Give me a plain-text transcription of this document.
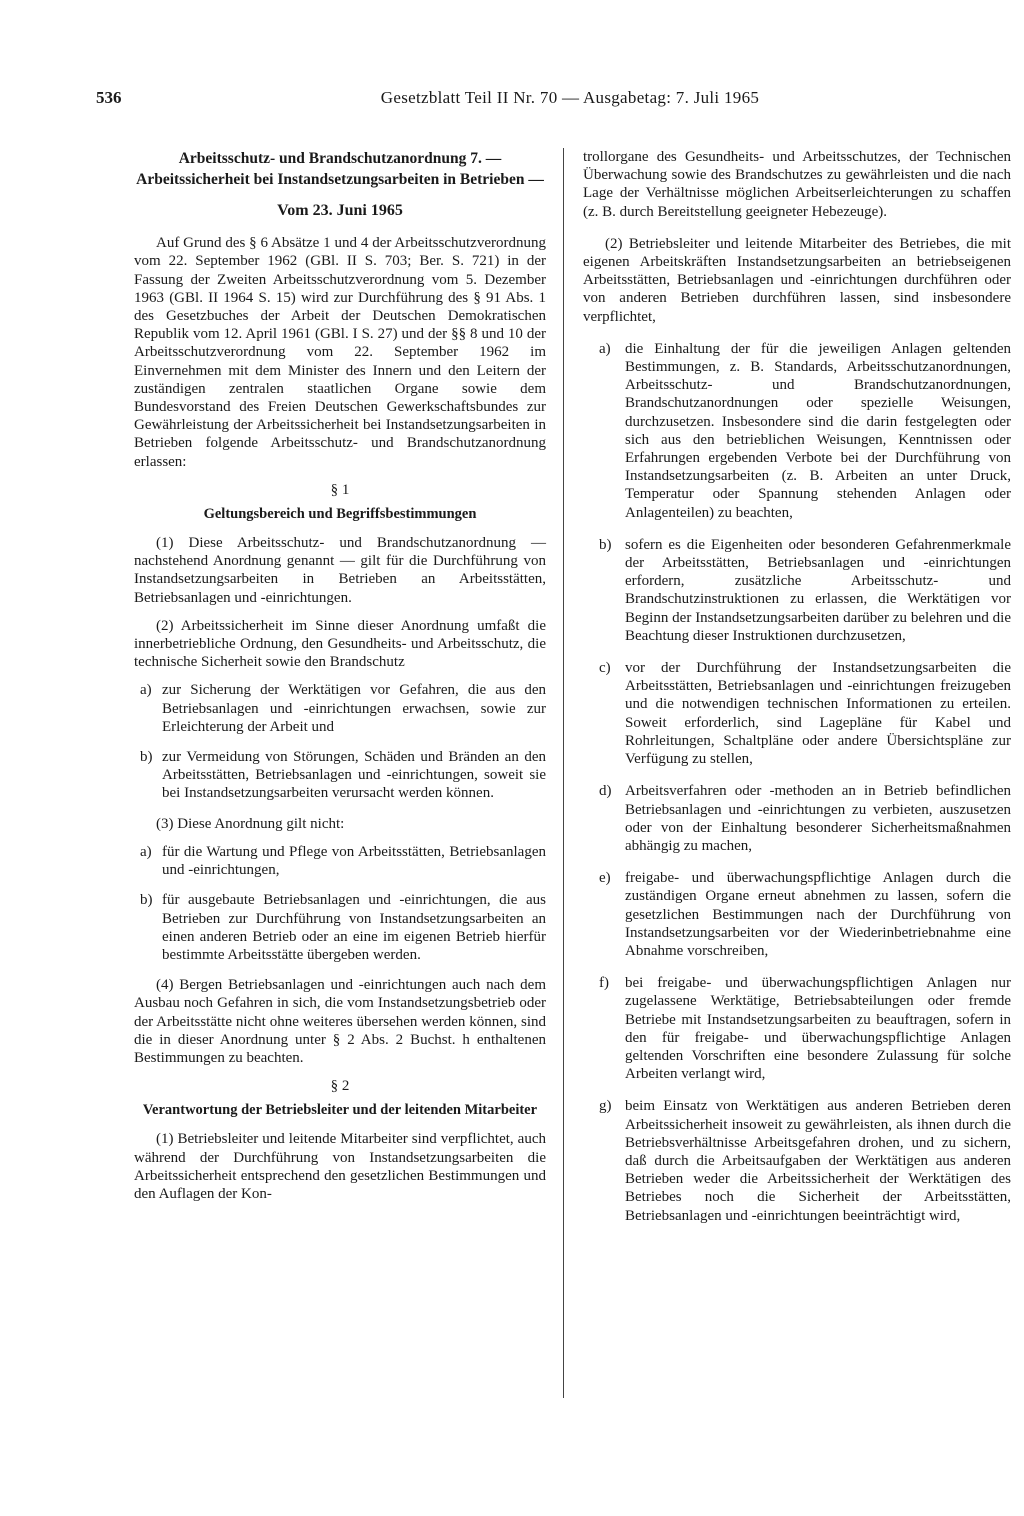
536	Gesetzblatt Teil II Nr. 70 — Ausgabetag: 7. Juli 1965
Arbeitsschutz- und Brandschutzanordnung 7. — Arbeitssicherheit bei Instandsetzungsarbeiten in Betrieben —
Vom 23. Juni 1965

Auf Grund des § 6 Absätze 1 und 4 der Arbeitsschutzverordnung vom 22. September 1962 (GBl. II S. 703; Ber. S. 721) in der Fassung der Zweiten Arbeitsschutzverordnung vom 5. Dezember 1963 (GBl. II 1964 S. 15) wird zur Durchführung des § 91 Abs. 1 des Gesetzbuches der Arbeit der Deutschen Demokratischen Republik vom 12. April 1961 (GBl. I S. 27) und der §§ 8 und 10 der Arbeitsschutzverordnung vom 22. September 1962 im Einvernehmen mit dem Minister des Innern und den Leitern der zuständigen zentralen staatlichen Organe sowie dem Bundesvorstand des Freien Deutschen Gewerkschaftsbundes zur Gewährleistung der Arbeitssicherheit bei Instandsetzungsarbeiten in Betrieben folgende Arbeitsschutz- und Brandschutzanordnung erlassen:

§ 1
Geltungsbereich und Begriffsbestimmungen

(1) Diese Arbeitsschutz- und Brandschutzanordnung — nachstehend Anordnung genannt — gilt für die Durchführung von Instandsetzungsarbeiten in Betrieben an Arbeitsstätten, Betriebsanlagen und -einrichtungen.

(2) Arbeitssicherheit im Sinne dieser Anordnung umfaßt die innerbetriebliche Ordnung, den Gesundheits- und Arbeitsschutz, die technische Sicherheit sowie den Brandschutz

a) zur Sicherung der Werktätigen vor Gefahren, die aus den Betriebsanlagen und -einrichtungen erwachsen, sowie zur Erleichterung der Arbeit und
b) zur Vermeidung von Störungen, Schäden und Bränden an den Arbeitsstätten, Betriebsanlagen und -einrichtungen, soweit sie bei Instandsetzungsarbeiten verursacht werden können.

(3) Diese Anordnung gilt nicht:

a) für die Wartung und Pflege von Arbeitsstätten, Betriebsanlagen und -einrichtungen,
b) für ausgebaute Betriebsanlagen und -einrichtungen, die aus Betrieben zur Durchführung von Instandsetzungsarbeiten an einen anderen Betrieb oder an eine im eigenen Betrieb hierfür bestimmte Arbeitsstätte übergeben werden.

(4) Bergen Betriebsanlagen und -einrichtungen auch nach dem Ausbau noch Gefahren in sich, die vom Instandsetzungsbetrieb oder der Arbeitsstätte nicht ohne weiteres übersehen werden können, sind die in dieser Anordnung unter § 2 Abs. 2 Buchst. h enthaltenen Bestimmungen zu beachten.

§ 2
Verantwortung der Betriebsleiter und der leitenden Mitarbeiter

(1) Betriebsleiter und leitende Mitarbeiter sind verpflichtet, auch während der Durchführung von Instandsetzungsarbeiten die Arbeitssicherheit entsprechend den gesetzlichen Bestimmungen und den Auflagen der Kon-

trollorgane des Gesundheits- und Arbeitsschutzes, der Technischen Überwachung sowie des Brandschutzes zu gewährleisten und die nach Lage der Verhältnisse möglichen Arbeitserleichterungen zu schaffen (z. B. durch Bereitstellung geeigneter Hebezeuge).

(2) Betriebsleiter und leitende Mitarbeiter des Betriebes, die mit eigenen Arbeitskräften Instandsetzungsarbeiten an betriebseigenen Arbeitsstätten, Betriebsanlagen und -einrichtungen durchführen oder von anderen Betrieben durchführen lassen, sind insbesondere verpflichtet,

a) die Einhaltung der für die jeweiligen Anlagen geltenden Bestimmungen, z. B. Standards, Arbeitsschutzanordnungen, Arbeitsschutz- und Brandschutzanordnungen, Brandschutzanordnungen oder spezielle Weisungen, durchzusetzen. Insbesondere sind die darin festgelegten oder sich aus den betrieblichen Weisungen, Kenntnissen oder Erfahrungen ergebenden Verbote bei der Durchführung von Instandsetzungsarbeiten (z. B. Arbeiten an unter Druck, Temperatur oder Spannung stehenden Anlagen oder Anlagenteilen) zu beachten,
b) sofern es die Eigenheiten oder besonderen Gefahrenmerkmale der Arbeitsstätten, Betriebsanlagen und -einrichtungen erfordern, zusätzliche Arbeitsschutz- und Brandschutzinstruktionen zu erlassen, die Werktätigen vor Beginn der Instandsetzungsarbeiten darüber zu belehren und die Beachtung dieser Instruktionen durchzusetzen,
c) vor der Durchführung der Instandsetzungsarbeiten die Arbeitsstätten, Betriebsanlagen und -einrichtungen freizugeben und die notwendigen technischen Informationen zu erteilen. Soweit erforderlich, sind Lagepläne für Kabel und Rohrleitungen, Schaltpläne oder andere Übersichtspläne zur Verfügung zu stellen,
d) Arbeitsverfahren oder -methoden an in Betrieb befindlichen Betriebsanlagen und -einrichtungen zu verbieten, auszusetzen oder von der Einhaltung besonderer Sicherheitsmaßnahmen abhängig zu machen,
e) freigabe- und überwachungspflichtige Anlagen durch die zuständigen Organe erneut abnehmen zu lassen, sofern die gesetzlichen Bestimmungen nach der Durchführung von Instandsetzungsarbeiten vor der Wiederinbetriebnahme eine Abnahme vorschreiben,
f)	bei freigabe- und überwachungspflichtigen Anlagen nur zugelassene Werktätige, Betriebsabteilungen oder fremde Betriebe mit Instandsetzungsarbeiten zu beauftragen, sofern in den für freigabe- und überwachungspflichtige Anlagen geltenden Vorschriften eine besondere Zulassung für solche Arbeiten verlangt wird,
g) beim Einsatz von Werktätigen aus anderen Betrieben deren Arbeitssicherheit insoweit zu gewährleisten, als ihnen durch die Betriebsverhältnisse Arbeitsgefahren drohen, und zu sichern, daß durch die Arbeitsaufgaben der Werktätigen aus anderen Betrieben weder die Arbeitssicherheit der Werktätigen des Betriebes noch die Sicherheit der Arbeitsstätten, Betriebsanlagen und -einrichtungen beeinträchtigt wird,
